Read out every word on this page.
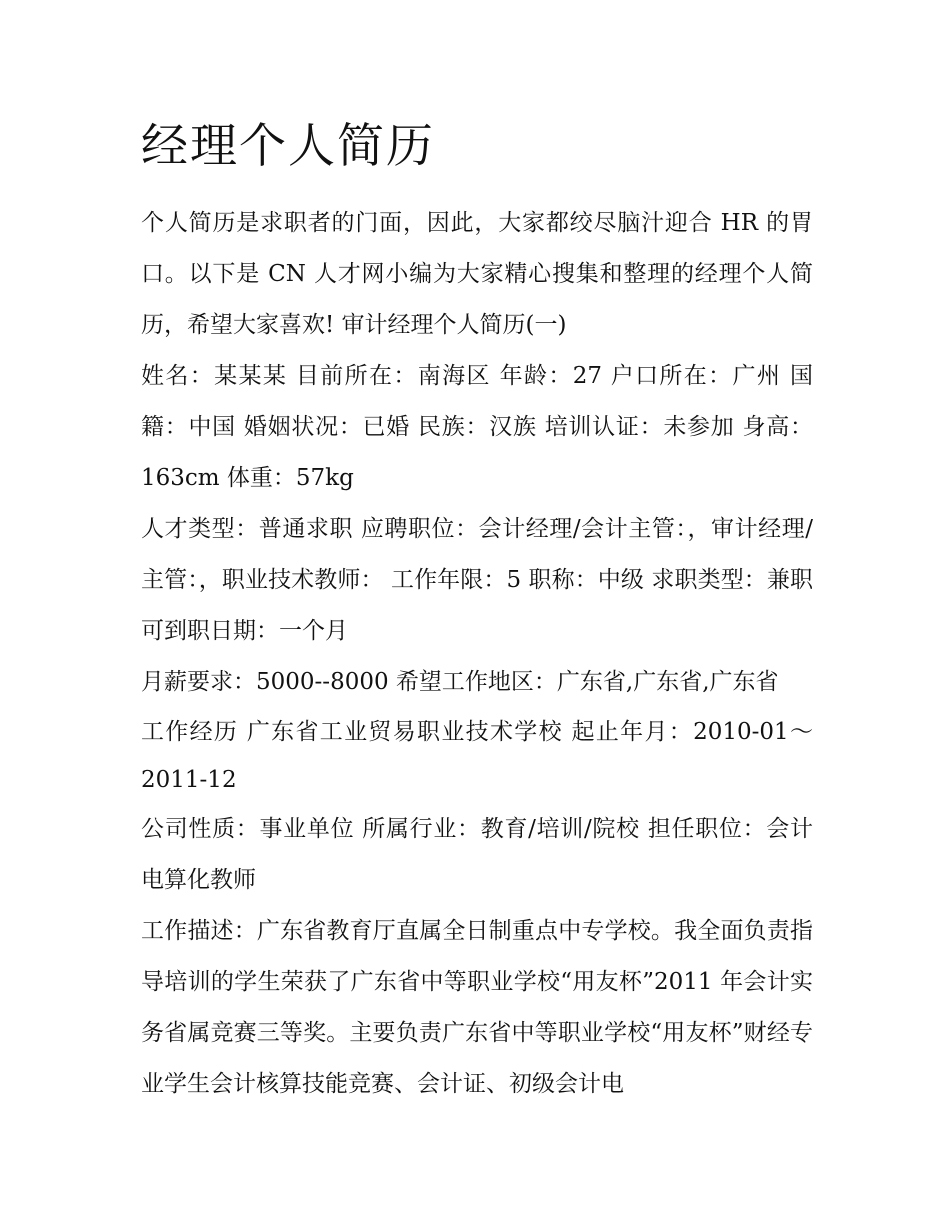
经理个人简历

个人简历是求职者的门面，因此，大家都绞尽脑汁迎合 HR 的胃口。以下是 CN 人才网小编为大家精心搜集和整理的经理个人简历，希望大家喜欢! 审计经理个人简历(一)

姓名：某某某 目前所在：南海区 年龄：27 户口所在：广州 国籍：中国 婚姻状况：已婚 民族：汉族 培训认证：未参加 身高：163cm 体重：57kg

人才类型：普通求职 应聘职位：会计经理/会计主管：，审计经理/主管：，职业技术教师： 工作年限：5 职称：中级 求职类型：兼职 可到职日期：一个月

月薪要求：5000--8000 希望工作地区：广东省,广东省,广东省

工作经历 广东省工业贸易职业技术学校 起止年月：2010-01～2011-12

公司性质：事业单位 所属行业：教育/培训/院校 担任职位：会计电算化教师

工作描述：广东省教育厅直属全日制重点中专学校。我全面负责指导培训的学生荣获了广东省中等职业学校“用友杯”2011 年会计实务省属竞赛三等奖。主要负责广东省中等职业学校“用友杯”财经专业学生会计核算技能竞赛、会计证、初级会计电
